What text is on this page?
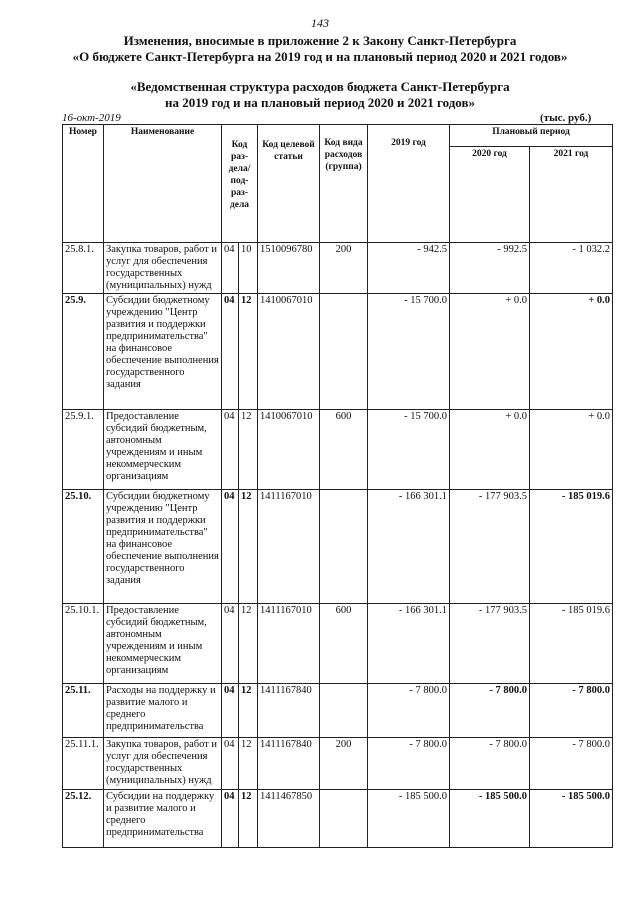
143
Изменения, вносимые в приложение 2 к Закону Санкт-Петербурга
«О бюджете Санкт-Петербурга на 2019 год и на плановый период 2020 и 2021 годов»
«Ведомственная структура расходов бюджета Санкт-Петербурга
на 2019 год и на плановый период 2020 и 2021 годов»
16-окт-2019	(тыс. руб.)
Номер	Наименование	Код раз-дела/ под-раз-дела		Код целевой статьи	Код вида расходов (группа)	2019 год	Плановый период	
							2020 год	2021 год
25.8.1.	Закупка товаров, работ и услуг для обеспечения государственных (муниципальных) нужд	04	10	1510096780	200	- 942.5	- 992.5	- 1 032.2
25.9.	Субсидии бюджетному учреждению "Центр развития и поддержки предпринимательства" на финансовое обеспечение выполнения государственного задания	04	12	1410067010		- 15 700.0	+ 0.0	+ 0.0
25.9.1.	Предоставление субсидий бюджетным, автономным учреждениям и иным некоммерческим организациям	04	12	1410067010	600	- 15 700.0	+ 0.0	+ 0.0
25.10.	Субсидии бюджетному учреждению "Центр развития и поддержки предпринимательства" на финансовое обеспечение выполнения государственного задания	04	12	1411167010		- 166 301.1	- 177 903.5	- 185 019.6
25.10.1.	Предоставление субсидий бюджетным, автономным учреждениям и иным некоммерческим организациям	04	12	1411167010	600	- 166 301.1	- 177 903.5	- 185 019.6
25.11.	Расходы на поддержку и развитие малого и среднего предпринимательства	04	12	1411167840		- 7 800.0	- 7 800.0	- 7 800.0
25.11.1.	Закупка товаров, работ и услуг для обеспечения государственных (муниципальных) нужд	04	12	1411167840	200	- 7 800.0	- 7 800.0	- 7 800.0
25.12.	Субсидии на поддержку и развитие малого и среднего предпринимательства	04	12	1411467850		- 185 500.0	- 185 500.0	- 185 500.0
